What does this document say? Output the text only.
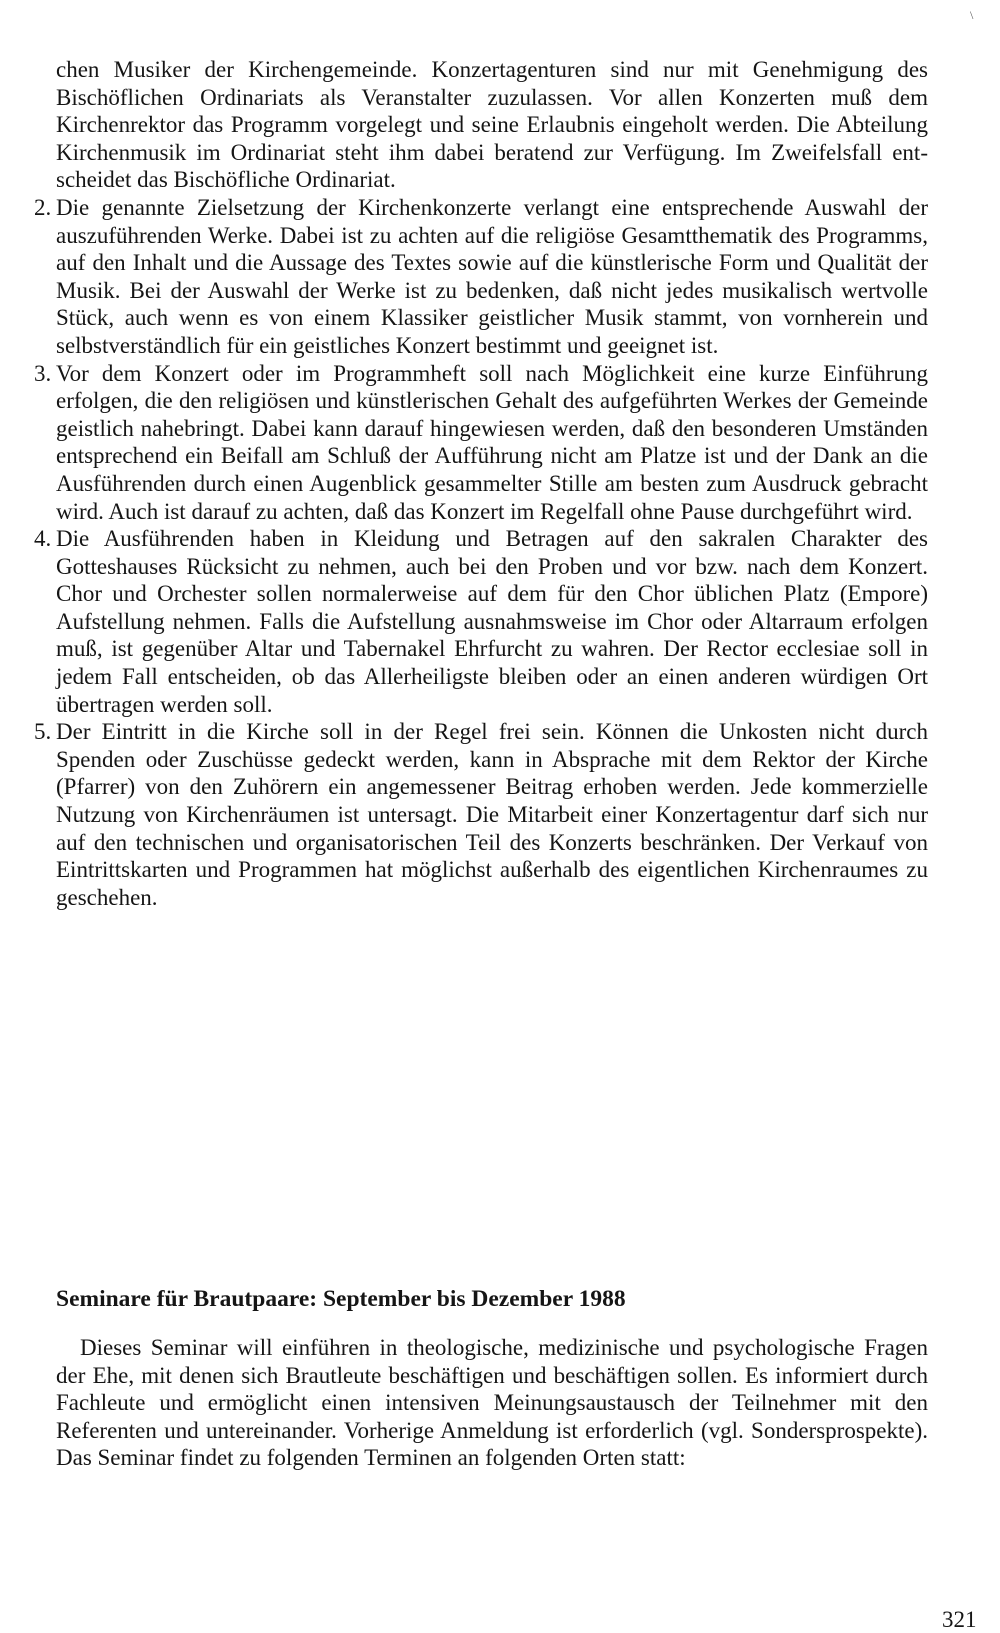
\

chen Musiker der Kirchengemeinde. Konzertagenturen sind nur mit Genehmigung des Bischöflichen Ordinariats als Veranstalter zuzulassen. Vor allen Konzerten muß dem Kirchenrektor das Programm vorgelegt und seine Erlaubnis eingeholt werden. Die Abteilung Kirchenmusik im Ordinariat steht ihm dabei beratend zur Verfügung. Im Zweifelsfall entscheidet das Bischöfliche Ordinariat.

2. Die genannte Zielsetzung der Kirchenkonzerte verlangt eine entsprechende Auswahl der auszuführenden Werke. Dabei ist zu achten auf die religiöse Gesamtthematik des Programms, auf den Inhalt und die Aussage des Textes sowie auf die künstlerische Form und Qualität der Musik. Bei der Auswahl der Werke ist zu bedenken, daß nicht jedes musikalisch wertvolle Stück, auch wenn es von einem Klassiker geistlicher Musik stammt, von vornherein und selbstverständlich für ein geistliches Konzert bestimmt und geeignet ist.

3. Vor dem Konzert oder im Programmheft soll nach Möglichkeit eine kurze Einführung erfolgen, die den religiösen und künstlerischen Gehalt des aufgeführten Werkes der Gemeinde geistlich nahebringt. Dabei kann darauf hingewiesen werden, daß den besonderen Umständen entsprechend ein Beifall am Schluß der Aufführung nicht am Platze ist und der Dank an die Ausführenden durch einen Augenblick gesammelter Stille am besten zum Ausdruck gebracht wird. Auch ist darauf zu achten, daß das Konzert im Regelfall ohne Pause durchgeführt wird.

4. Die Ausführenden haben in Kleidung und Betragen auf den sakralen Charakter des Gotteshauses Rücksicht zu nehmen, auch bei den Proben und vor bzw. nach dem Konzert. Chor und Orchester sollen normalerweise auf dem für den Chor üblichen Platz (Empore) Aufstellung nehmen. Falls die Aufstellung ausnahmsweise im Chor oder Altarraum erfolgen muß, ist gegenüber Altar und Tabernakel Ehrfurcht zu wahren. Der Rector ecclesiae soll in jedem Fall entscheiden, ob das Allerheiligste bleiben oder an einen anderen würdigen Ort übertragen werden soll.

5. Der Eintritt in die Kirche soll in der Regel frei sein. Können die Unkosten nicht durch Spenden oder Zuschüsse gedeckt werden, kann in Absprache mit dem Rektor der Kirche (Pfarrer) von den Zuhörern ein angemessener Beitrag erhoben werden. Jede kommerzielle Nutzung von Kirchenräumen ist untersagt. Die Mitarbeit einer Konzertagentur darf sich nur auf den technischen und organisatorischen Teil des Konzerts beschränken. Der Verkauf von Eintrittskarten und Programmen hat möglichst außerhalb des eigentlichen Kirchenraumes zu geschehen.

Seminare für Brautpaare: September bis Dezember 1988

Dieses Seminar will einführen in theologische, medizinische und psychologische Fragen der Ehe, mit denen sich Brautleute beschäftigen und beschäftigen sollen. Es informiert durch Fachleute und ermöglicht einen intensiven Meinungsaustausch der Teilnehmer mit den Referenten und untereinander. Vorherige Anmeldung ist erforderlich (vgl. Sondersprospekte). Das Seminar findet zu folgenden Terminen an folgenden Orten statt:

321
